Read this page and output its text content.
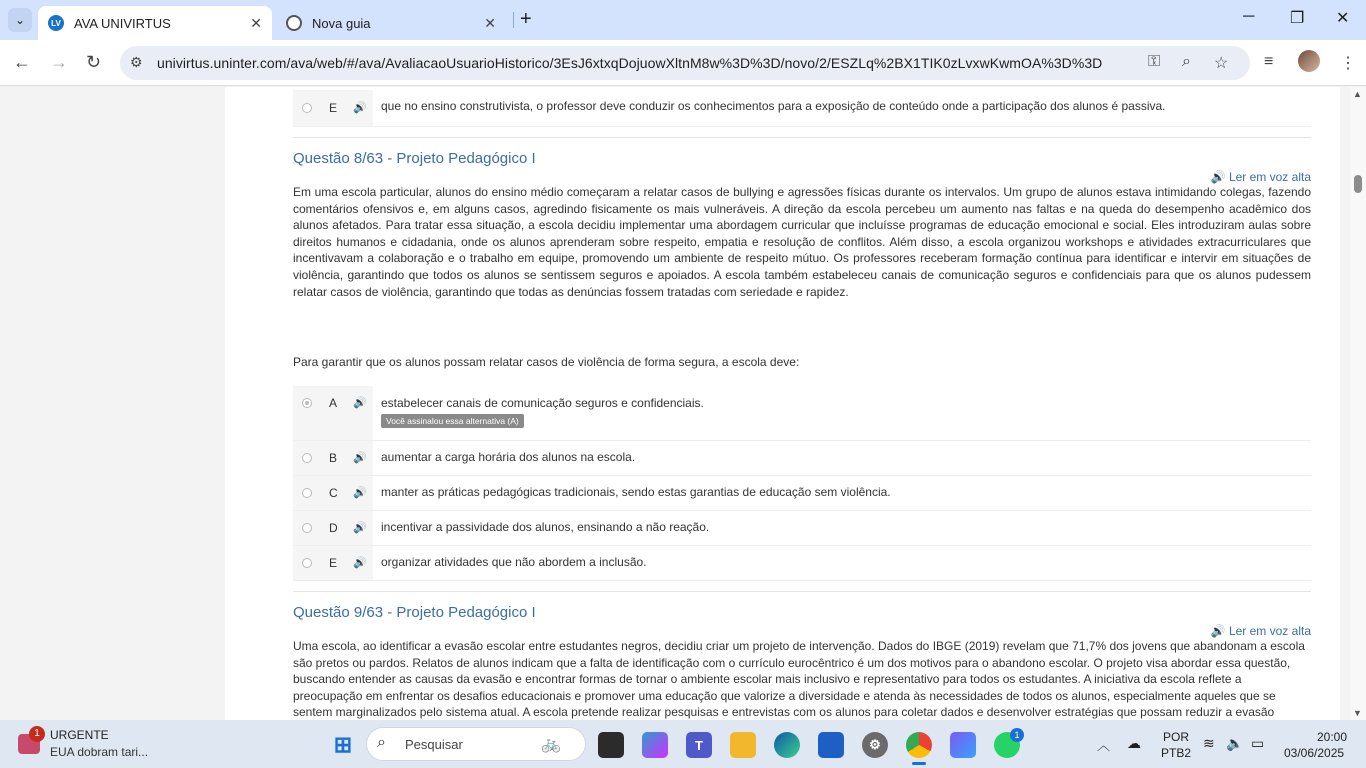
⌄	LV AVA UNIVIRTUS	✕	Nova guia	✕ +	─ ❐ ✕
← → ↻ ⚙ univirtus.uninter.com/ava/web/#/ava/AvaliacaoUsuarioHistorico/3EsJ6xtxqDojuowXltnM8w%3D%3D/novo/2/ESZLq%2BX1TIK0zLvxwKwmOA%3D%3D	⚿ ⌕ ☆ ≡	⋮
▲
▼
E 🔊	que no ensino construtivista, o professor deve conduzir os conhecimentos para a exposição de conteúdo onde a participação dos alunos é passiva.
Questão 8/63 - Projeto Pedagógico I
🔊 Ler em voz alta
Em uma escola particular, alunos do ensino médio começaram a relatar casos de bullying e agressões físicas durante os intervalos. Um grupo de alunos estava intimidando colegas, fazendo comentários ofensivos e, em alguns casos, agredindo fisicamente os mais vulneráveis. A direção da escola percebeu um aumento nas faltas e na queda do desempenho acadêmico dos alunos afetados. Para tratar essa situação, a escola decidiu implementar uma abordagem curricular que incluísse programas de educação emocional e social. Eles introduziram aulas sobre direitos humanos e cidadania, onde os alunos aprenderam sobre respeito, empatia e resolução de conflitos. Além disso, a escola organizou workshops e atividades extracurriculares que incentivavam a colaboração e o trabalho em equipe, promovendo um ambiente de respeito mútuo. Os professores receberam formação contínua para identificar e intervir em situações de violência, garantindo que todos os alunos se sentissem seguros e apoiados. A escola também estabeleceu canais de comunicação seguros e confidenciais para que os alunos pudessem relatar casos de violência, garantindo que todas as denúncias fossem tratadas com seriedade e rapidez.
Para garantir que os alunos possam relatar casos de violência de forma segura, a escola deve:
A 🔊 estabelecer canais de comunicação seguros e confidenciais.
Você assinalou essa alternativa (A)
B 🔊	aumentar a carga horária dos alunos na escola.
C 🔊	manter as práticas pedagógicas tradicionais, sendo estas garantias de educação sem violência.
D 🔊	incentivar a passividade dos alunos, ensinando a não reação.
E 🔊	organizar atividades que não abordem a inclusão.
Questão 9/63 - Projeto Pedagógico I
🔊 Ler em voz alta
Uma escola, ao identificar a evasão escolar entre estudantes negros, decidiu criar um projeto de intervenção. Dados do IBGE (2019) revelam que 71,7% dos jovens que abandonam a escola são pretos ou pardos. Relatos de alunos indicam que a falta de identificação com o currículo eurocêntrico é um dos motivos para o abandono escolar. O projeto visa abordar essa questão, buscando entender as causas da evasão e encontrar formas de tornar o ambiente escolar mais inclusivo e representativo para todos os estudantes. A iniciativa da escola reflete a preocupação em enfrentar os desafios educacionais e promover uma educação que valorize a diversidade e atenda às necessidades de todos os alunos, especialmente aqueles que se sentem marginalizados pelo sistema atual. A escola pretende realizar pesquisas e entrevistas com os alunos para coletar dados e desenvolver estratégias que possam reduzir a evasão
1 URGENTE
EUA dobram tari...	⊞ ⌕ Pesquisar	🚲	T	⚙
1
︿ ☁ POR
PTB2
≋ 🔈 ▭	20:00
03/06/2025
